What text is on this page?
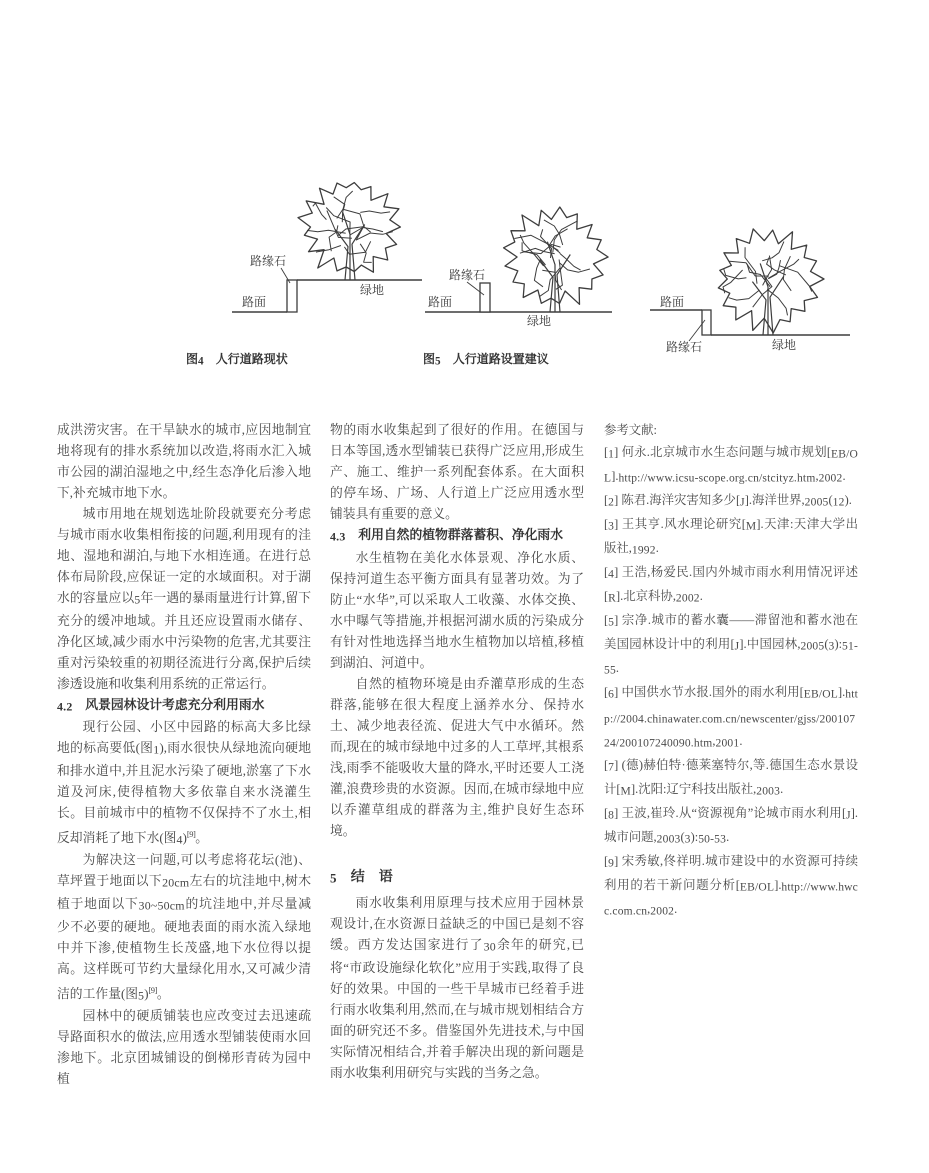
路缘石
路面
绿地
路缘石
路面
绿地
路面
路缘石	绿地
图4　人行道路现状	图5　人行道路设置建议

成洪涝灾害。在干旱缺水的城市,应因地制宜地将现有的排水系统加以改造,将雨水汇入城市公园的湖泊湿地之中,经生态净化后渗入地下,补充城市地下水。

城市用地在规划选址阶段就要充分考虑与城市雨水收集相衔接的问题,利用现有的洼地、湿地和湖泊,与地下水相连通。在进行总体布局阶段,应保证一定的水域面积。对于湖水的容量应以5年一遇的暴雨量进行计算,留下充分的缓冲地域。并且还应设置雨水储存、净化区域,减少雨水中污染物的危害,尤其要注重对污染较重的初期径流进行分离,保护后续渗透设施和收集利用系统的正常运行。

4.2　风景园林设计考虑充分利用雨水

现行公园、小区中园路的标高大多比绿地的标高要低(图1),雨水很快从绿地流向硬地和排水道中,并且泥水污染了硬地,淤塞了下水道及河床,使得植物大多依靠自来水浇灌生长。目前城市中的植物不仅保持不了水土,相反却消耗了地下水(图4)[9]。

为解决这一问题,可以考虑将花坛(池)、草坪置于地面以下20cm左右的坑洼地中,树木植于地面以下30~50cm的坑洼地中,并尽量减少不必要的硬地。硬地表面的雨水流入绿地中并下渗,使植物生长茂盛,地下水位得以提高。这样既可节约大量绿化用水,又可减少清洁的工作量(图5)[9]。

园林中的硬质铺装也应改变过去迅速疏导路面积水的做法,应用透水型铺装使雨水回渗地下。北京团城铺设的倒梯形青砖为园中植

物的雨水收集起到了很好的作用。在德国与日本等国,透水型铺装已获得广泛应用,形成生产、施工、维护一系列配套体系。在大面积的停车场、广场、人行道上广泛应用透水型铺装具有重要的意义。

4.3　利用自然的植物群落蓄积、净化雨水

水生植物在美化水体景观、净化水质、保持河道生态平衡方面具有显著功效。为了防止“水华”,可以采取人工收藻、水体交换、水中曝气等措施,并根据河湖水质的污染成分有针对性地选择当地水生植物加以培植,移植到湖泊、河道中。

自然的植物环境是由乔灌草形成的生态群落,能够在很大程度上涵养水分、保持水土、减少地表径流、促进大气中水循环。然而,现在的城市绿地中过多的人工草坪,其根系浅,雨季不能吸收大量的降水,平时还要人工浇灌,浪费珍贵的水资源。因而,在城市绿地中应以乔灌草组成的群落为主,维护良好生态环境。

5　结　语

雨水收集利用原理与技术应用于园林景观设计,在水资源日益缺乏的中国已是刻不容缓。西方发达国家进行了30余年的研究,已将“市政设施绿化软化”应用于实践,取得了良好的效果。中国的一些干旱城市已经着手进行雨水收集利用,然而,在与城市规划相结合方面的研究还不多。借鉴国外先进技术,与中国实际情况相结合,并着手解决出现的新问题是雨水收集利用研究与实践的当务之急。

参考文献:

[1] 何永.北京城市水生态问题与城市规划[EB/OL].http://www.icsu-scope.org.cn/stcityz.htm,2002.

[2] 陈君.海洋灾害知多少[J].海洋世界,2005(12).

[3] 王其亨.风水理论研究[M].天津:天津大学出版社,1992.

[4] 王浩,杨爱民.国内外城市雨水利用情况评述[R].北京科协,2002.

[5] 宗净.城市的蓄水囊——滞留池和蓄水池在美国园林设计中的利用[J].中国园林,2005(3):51-55.

[6] 中国供水节水报.国外的雨水利用[EB/OL].http://2004.chinawater.com.cn/newscenter/gjss/20010724/200107240090.htm,2001.

[7] (德)赫伯特·德莱塞特尔,等.德国生态水景设计[M].沈阳:辽宁科技出版社,2003.

[8] 王波,崔玲.从“资源视角”论城市雨水利用[J].城市问题,2003(3):50-53.

[9] 宋秀敏,佟祥明.城市建设中的水资源可持续利用的若干新问题分析[EB/OL].http://www.hwcc.com.cn,2002.
